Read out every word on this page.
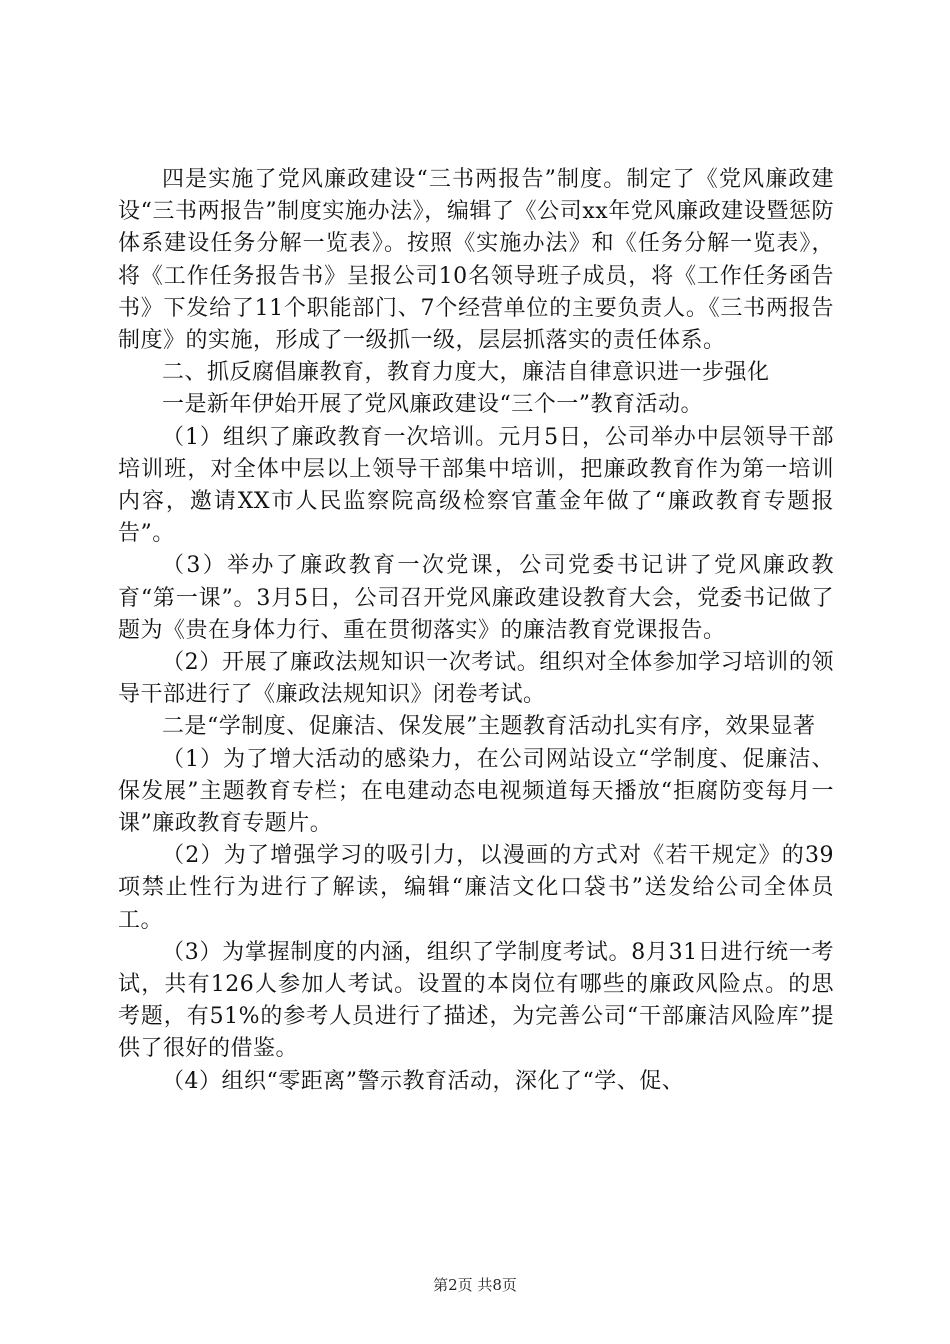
四是实施了党风廉政建设“三书两报告”制度。制定了《党风廉政建设“三书两报告”制度实施办法》，编辑了《公司xx年党风廉政建设暨惩防体系建设任务分解一览表》。按照《实施办法》和《任务分解一览表》，将《工作任务报告书》呈报公司10名领导班子成员，将《工作任务函告书》下发给了11个职能部门、7个经营单位的主要负责人。《三书两报告制度》的实施，形成了一级抓一级，层层抓落实的责任体系。

二、抓反腐倡廉教育，教育力度大，廉洁自律意识进一步强化

一是新年伊始开展了党风廉政建设“三个一”教育活动。

（1）组织了廉政教育一次培训。元月5日，公司举办中层领导干部培训班，对全体中层以上领导干部集中培训，把廉政教育作为第一培训内容，邀请XX市人民监察院高级检察官董金年做了“廉政教育专题报告”。

（3）举办了廉政教育一次党课，公司党委书记讲了党风廉政教育“第一课”。3月5日，公司召开党风廉政建设教育大会，党委书记做了题为《贵在身体力行、重在贯彻落实》的廉洁教育党课报告。

（2）开展了廉政法规知识一次考试。组织对全体参加学习培训的领导干部进行了《廉政法规知识》闭卷考试。

二是“学制度、促廉洁、保发展”主题教育活动扎实有序，效果显著

（1）为了增大活动的感染力，在公司网站设立“学制度、促廉洁、保发展”主题教育专栏；在电建动态电视频道每天播放“拒腐防变每月一课”廉政教育专题片。

（2）为了增强学习的吸引力，以漫画的方式对《若干规定》的39项禁止性行为进行了解读，编辑“廉洁文化口袋书”送发给公司全体员工。

（3）为掌握制度的内涵，组织了学制度考试。8月31日进行统一考试，共有126人参加人考试。设置的本岗位有哪些的廉政风险点。的思考题，有51%的参考人员进行了描述，为完善公司“干部廉洁风险库”提供了很好的借鉴。

（4）组织“零距离”警示教育活动，深化了“学、促、

第2页 共8页
